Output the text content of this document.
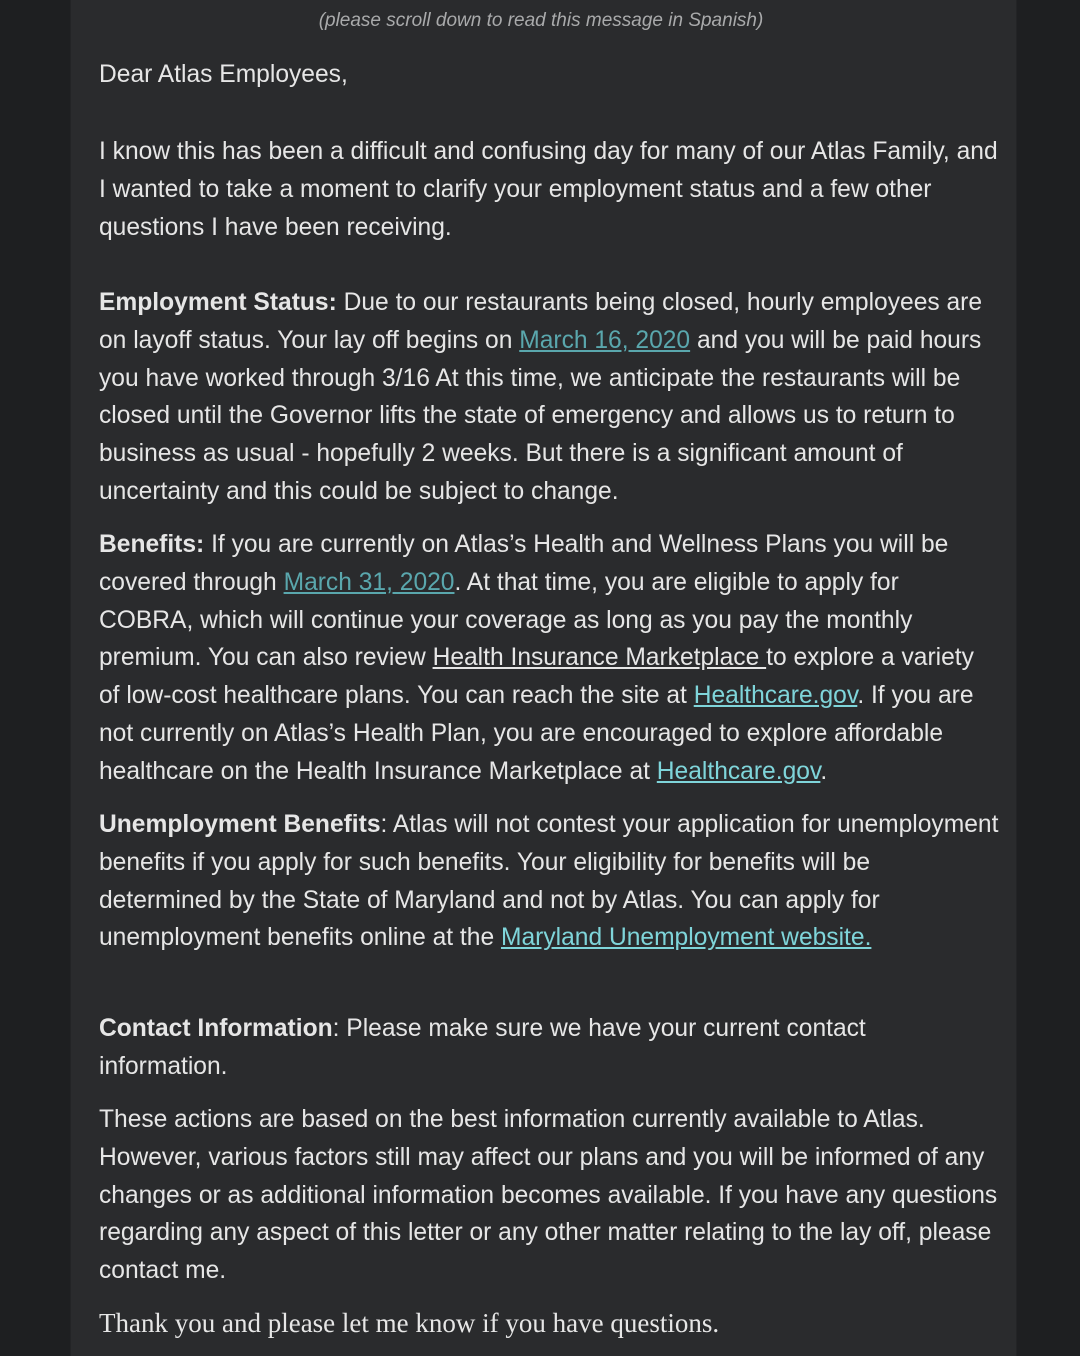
(please scroll down to read this message in Spanish)

Dear Atlas Employees,

I know this has been a difficult and confusing day for many of our Atlas Family, and I wanted to take a moment to clarify your employment status and a few other questions I have been receiving.

Employment Status: Due to our restaurants being closed, hourly employees are on layoff status. Your lay off begins on March 16, 2020 and you will be paid hours you have worked through 3/16 At this time, we anticipate the restaurants will be closed until the Governor lifts the state of emergency and allows us to return to business as usual - hopefully 2 weeks. But there is a significant amount of uncertainty and this could be subject to change.

Benefits: If you are currently on Atlas’s Health and Wellness Plans you will be covered through March 31, 2020. At that time, you are eligible to apply for COBRA, which will continue your coverage as long as you pay the monthly premium. You can also review Health Insurance Marketplace to explore a variety of low-cost healthcare plans. You can reach the site at Healthcare.gov. If you are not currently on Atlas’s Health Plan, you are encouraged to explore affordable healthcare on the Health Insurance Marketplace at Healthcare.gov.

Unemployment Benefits: Atlas will not contest your application for unemployment benefits if you apply for such benefits. Your eligibility for benefits will be determined by the State of Maryland and not by Atlas. You can apply for unemployment benefits online at the Maryland Unemployment website.

Contact Information: Please make sure we have your current contact information.

These actions are based on the best information currently available to Atlas. However, various factors still may affect our plans and you will be informed of any changes or as additional information becomes available. If you have any questions regarding any aspect of this letter or any other matter relating to the lay off, please contact me.

Thank you and please let me know if you have questions.
